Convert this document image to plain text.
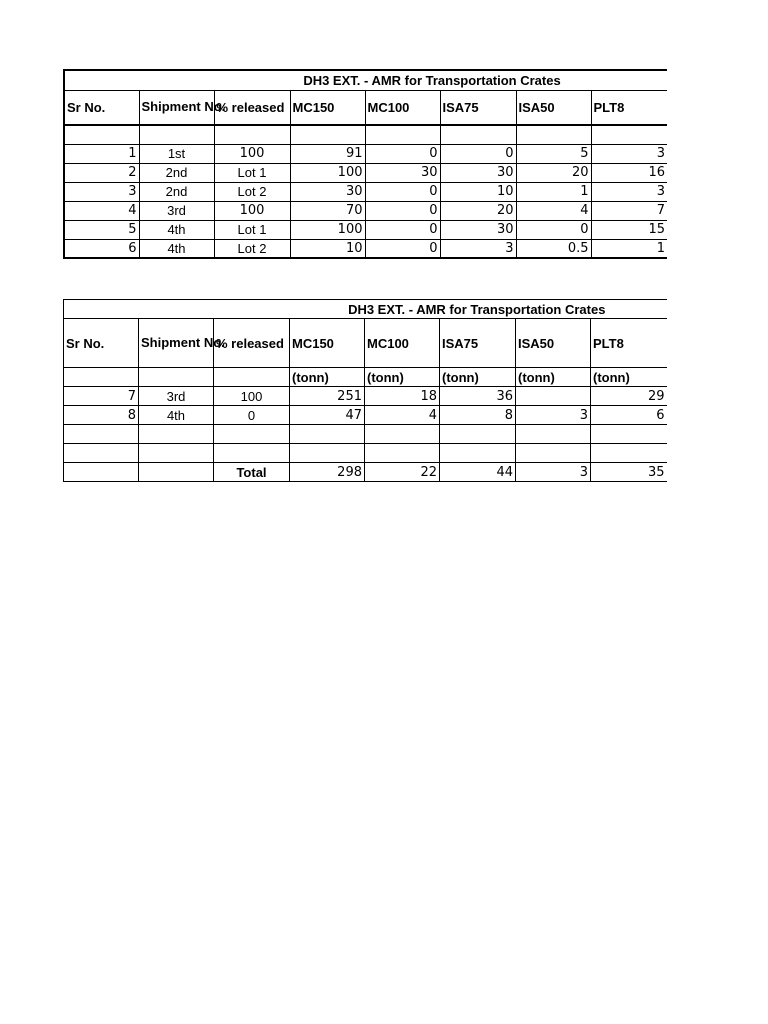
DH3 EXT. - AMR for Transportation Crates							
Sr No.	Shipment No.	% released	MC150	MC100	ISA75	ISA50	PLT8

1	1st	100	91	0	0	5	3
2	2nd	Lot 1	100	30	30	20	16
3	2nd	Lot 2	30	0	10	1	3
4	3rd	100	70	0	20	4	7
5	4th	Lot 1	100	0	30	0	15
6	4th	Lot 2	10	0	3	0.5	1
DH3 EXT. - AMR for Transportation Crates							
Sr No.	Shipment No.	% released	MC150	MC100	ISA75	ISA50	PLT8
			(tonn)	(tonn)	(tonn)	(tonn)	(tonn)
7	3rd	100	251	18	36		29
8	4th	0	47	4	8	3	6

		Total	298	22	44	3	35
